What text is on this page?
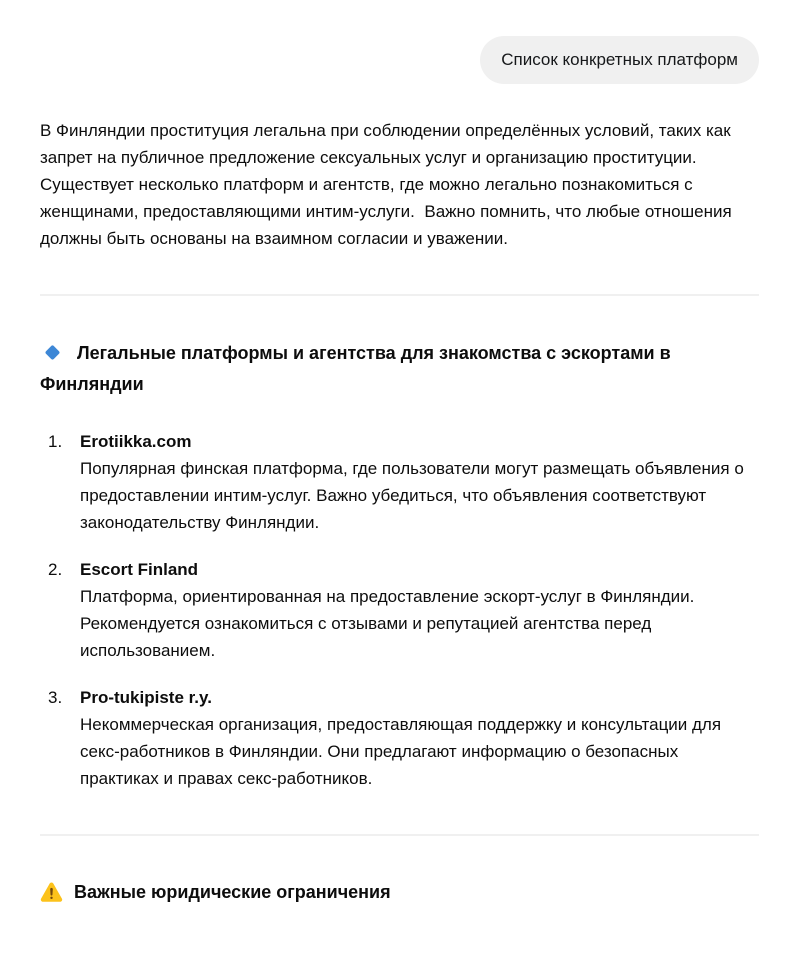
Список конкретных платформ

В Финляндии проституция легальна при соблюдении определённых условий, таких как запрет на публичное предложение сексуальных услуг и организацию проституции.   Существует несколько платформ и агентств, где можно легально познакомиться с женщинами, предоставляющими интим-услуги.  Важно помнить, что любые отношения должны быть основаны на взаимном согласии и уважении.

Легальные платформы и агентства для знакомства с эскортами в Финляндии
1.	Erotiikka.com
Популярная финская платформа, где пользователи могут размещать объявления о предоставлении интим-услуг. Важно убедиться, что объявления соответствуют законодательству Финляндии.
2.	Escort Finland
Платформа, ориентированная на предоставление эскорт-услуг в Финляндии. Рекомендуется ознакомиться с отзывами и репутацией агентства перед использованием.
3.	Pro-tukipiste r.y.
Некоммерческая организация, предоставляющая поддержку и консультации для секс-работников в Финляндии. Они предлагают информацию о безопасных практиках и правах секс-работников.
Важные юридические ограничения
